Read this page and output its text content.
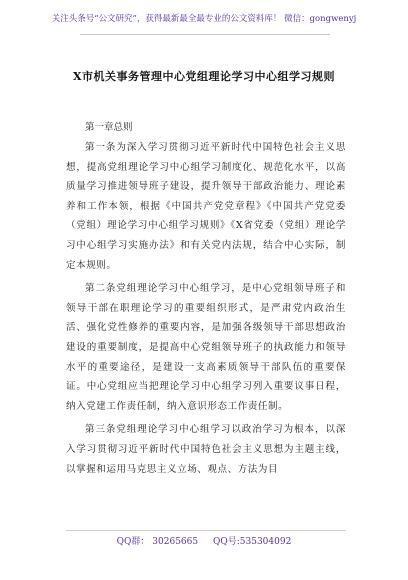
关注头条号“公文研究”，获得最新最全最专业的公文资料库！ 微信：gongwenyj
X市机关事务管理中心党组理论学习中心组学习规则

第一章总则

第一条为深入学习贯彻习近平新时代中国特色社会主义思想，提高党组理论学习中心组学习制度化、规范化水平，以高质量学习推进领导班子建设，提升领导干部政治能力、理论素养和工作本领，根据《中国共产党党章程》《中国共产党党委（党组）理论学习中心组学习规则》《X省党委（党组）理论学习中心组学习实施办法》和有关党内法规，结合中心实际，制定本规则。

第二条党组理论学习中心组学习，是中心党组领导班子和领导干部在职理论学习的重要组织形式，是严肃党内政治生活、强化党性修养的重要内容，是加强各级领导干部思想政治建设的重要制度，是提高中心党组领导班子的执政能力和领导水平的重要途径，是建设一支高素质领导干部队伍的重要保证。中心党组应当把理论学习中心组学习列入重要议事日程，纳入党建工作责任制，纳入意识形态工作责任制。

第三条党组理论学习中心组学习以政治学习为根本，以深入学习贯彻习近平新时代中国特色社会主义思想为主题主线，以掌握和运用马克思主义立场、观点、方法为目

QQ群： 30265665 QQ号:535304092
